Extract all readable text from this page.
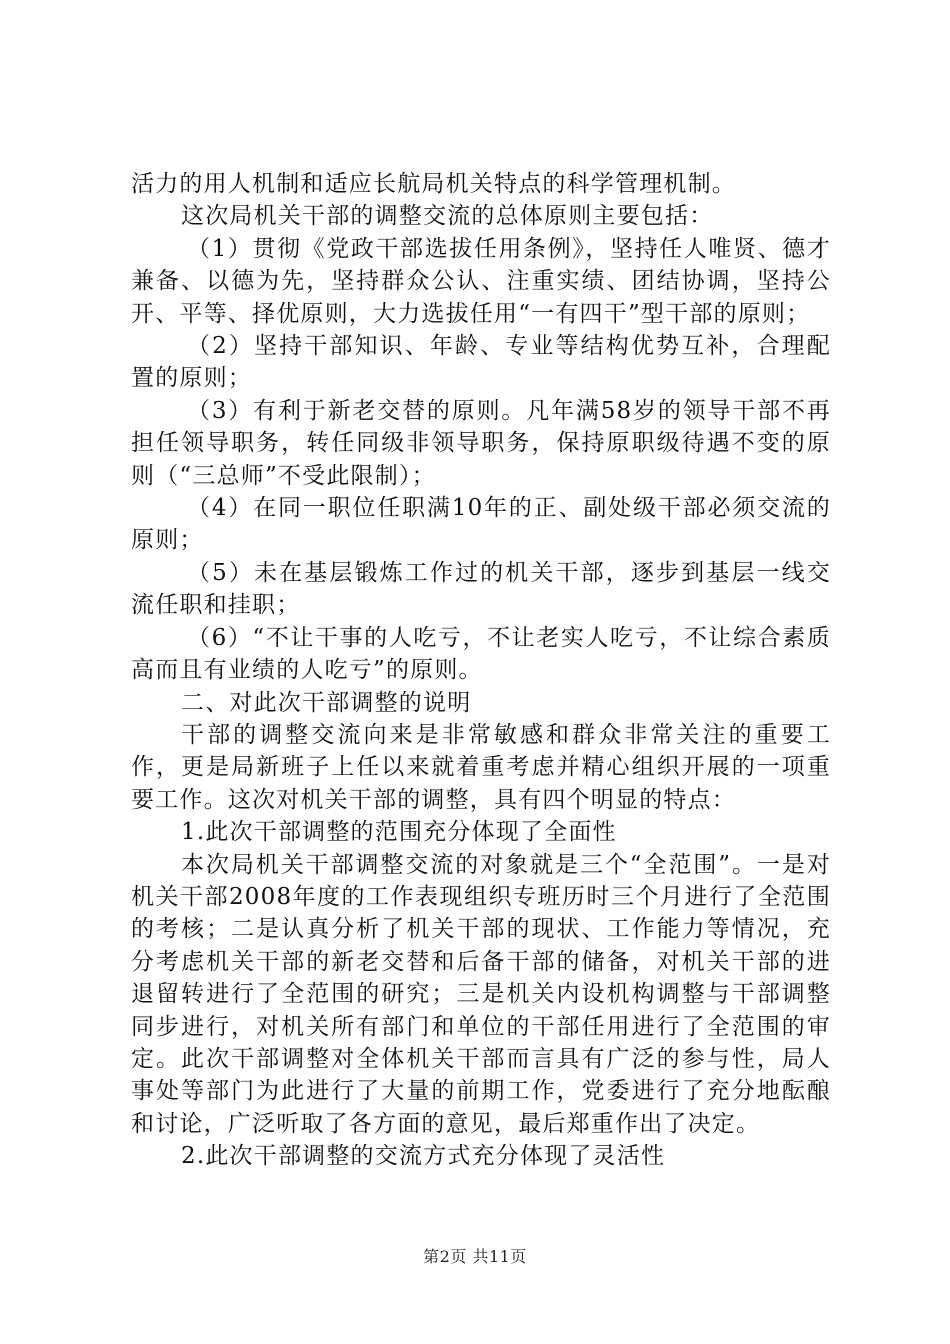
活力的用人机制和适应长航局机关特点的科学管理机制。

这次局机关干部的调整交流的总体原则主要包括：

（1）贯彻《党政干部选拔任用条例》，坚持任人唯贤、德才兼备、以德为先，坚持群众公认、注重实绩、团结协调，坚持公开、平等、择优原则，大力选拔任用“一有四干”型干部的原则；

（2）坚持干部知识、年龄、专业等结构优势互补，合理配置的原则；

（3）有利于新老交替的原则。凡年满58岁的领导干部不再担任领导职务，转任同级非领导职务，保持原职级待遇不变的原则（“三总师”不受此限制）；

（4）在同一职位任职满10年的正、副处级干部必须交流的原则；

（5）未在基层锻炼工作过的机关干部，逐步到基层一线交流任职和挂职；

（6）“不让干事的人吃亏，不让老实人吃亏，不让综合素质高而且有业绩的人吃亏”的原则。

二、对此次干部调整的说明

干部的调整交流向来是非常敏感和群众非常关注的重要工作，更是局新班子上任以来就着重考虑并精心组织开展的一项重要工作。这次对机关干部的调整，具有四个明显的特点：

1.此次干部调整的范围充分体现了全面性

本次局机关干部调整交流的对象就是三个“全范围”。一是对机关干部2008年度的工作表现组织专班历时三个月进行了全范围的考核；二是认真分析了机关干部的现状、工作能力等情况，充分考虑机关干部的新老交替和后备干部的储备，对机关干部的进退留转进行了全范围的研究；三是机关内设机构调整与干部调整同步进行，对机关所有部门和单位的干部任用进行了全范围的审定。此次干部调整对全体机关干部而言具有广泛的参与性，局人事处等部门为此进行了大量的前期工作，党委进行了充分地酝酿和讨论，广泛听取了各方面的意见，最后郑重作出了决定。

2.此次干部调整的交流方式充分体现了灵活性

第2页 共11页
